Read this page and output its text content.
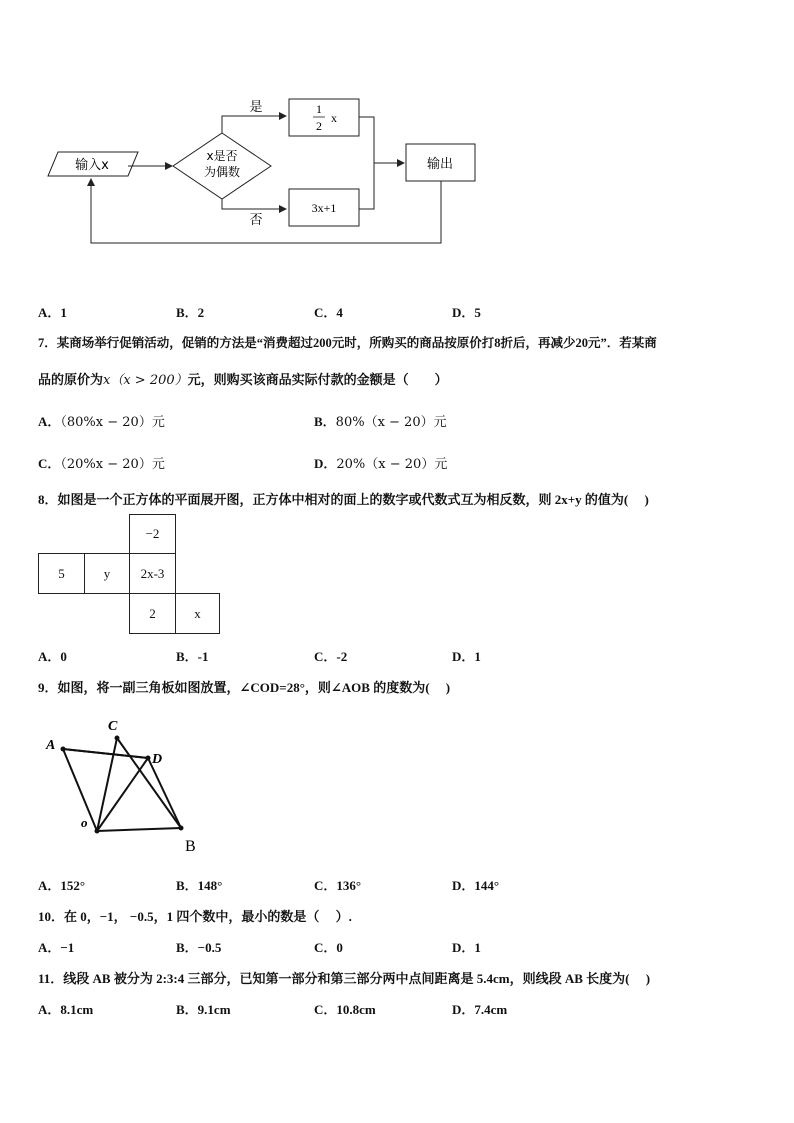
输入x
x是否
为偶数
是
否
1
2
x
3x+1
输出
A．1	B．2	C．4	D．5
7．某商场举行促销活动，促销的方法是“消费超过200元时，所购买的商品按原价打8折后，再减少20元”．若某商
品的原价为x（x > 200）元，则购买该商品实际付款的金额是（　　）
A．（80%x − 20）元	B．80%（x − 20）元
C．（20%x − 20）元	D．20%（x − 20）元
8．如图是一个正方体的平面展开图，正方体中相对的面上的数字或代数式互为相反数，则 2x+y 的值为(　 )
−2
5	y	2x-3
2	x
A．0	B．-1	C．-2	D．1
9．如图，将一副三角板如图放置，∠COD=28°，则∠AOB 的度数为(　 )
A
C
D
o
B
A．152°	B．148°	C．136°	D．144°
10．在 0，−1， −0.5，1 四个数中，最小的数是（　 ）.
A．−1	B．−0.5	C．0	D．1
11．线段 AB 被分为 2:3:4 三部分，已知第一部分和第三部分两中点间距离是 5.4cm，则线段 AB 长度为(　 )
A．8.1cm	B．9.1cm	C．10.8cm	D．7.4cm
